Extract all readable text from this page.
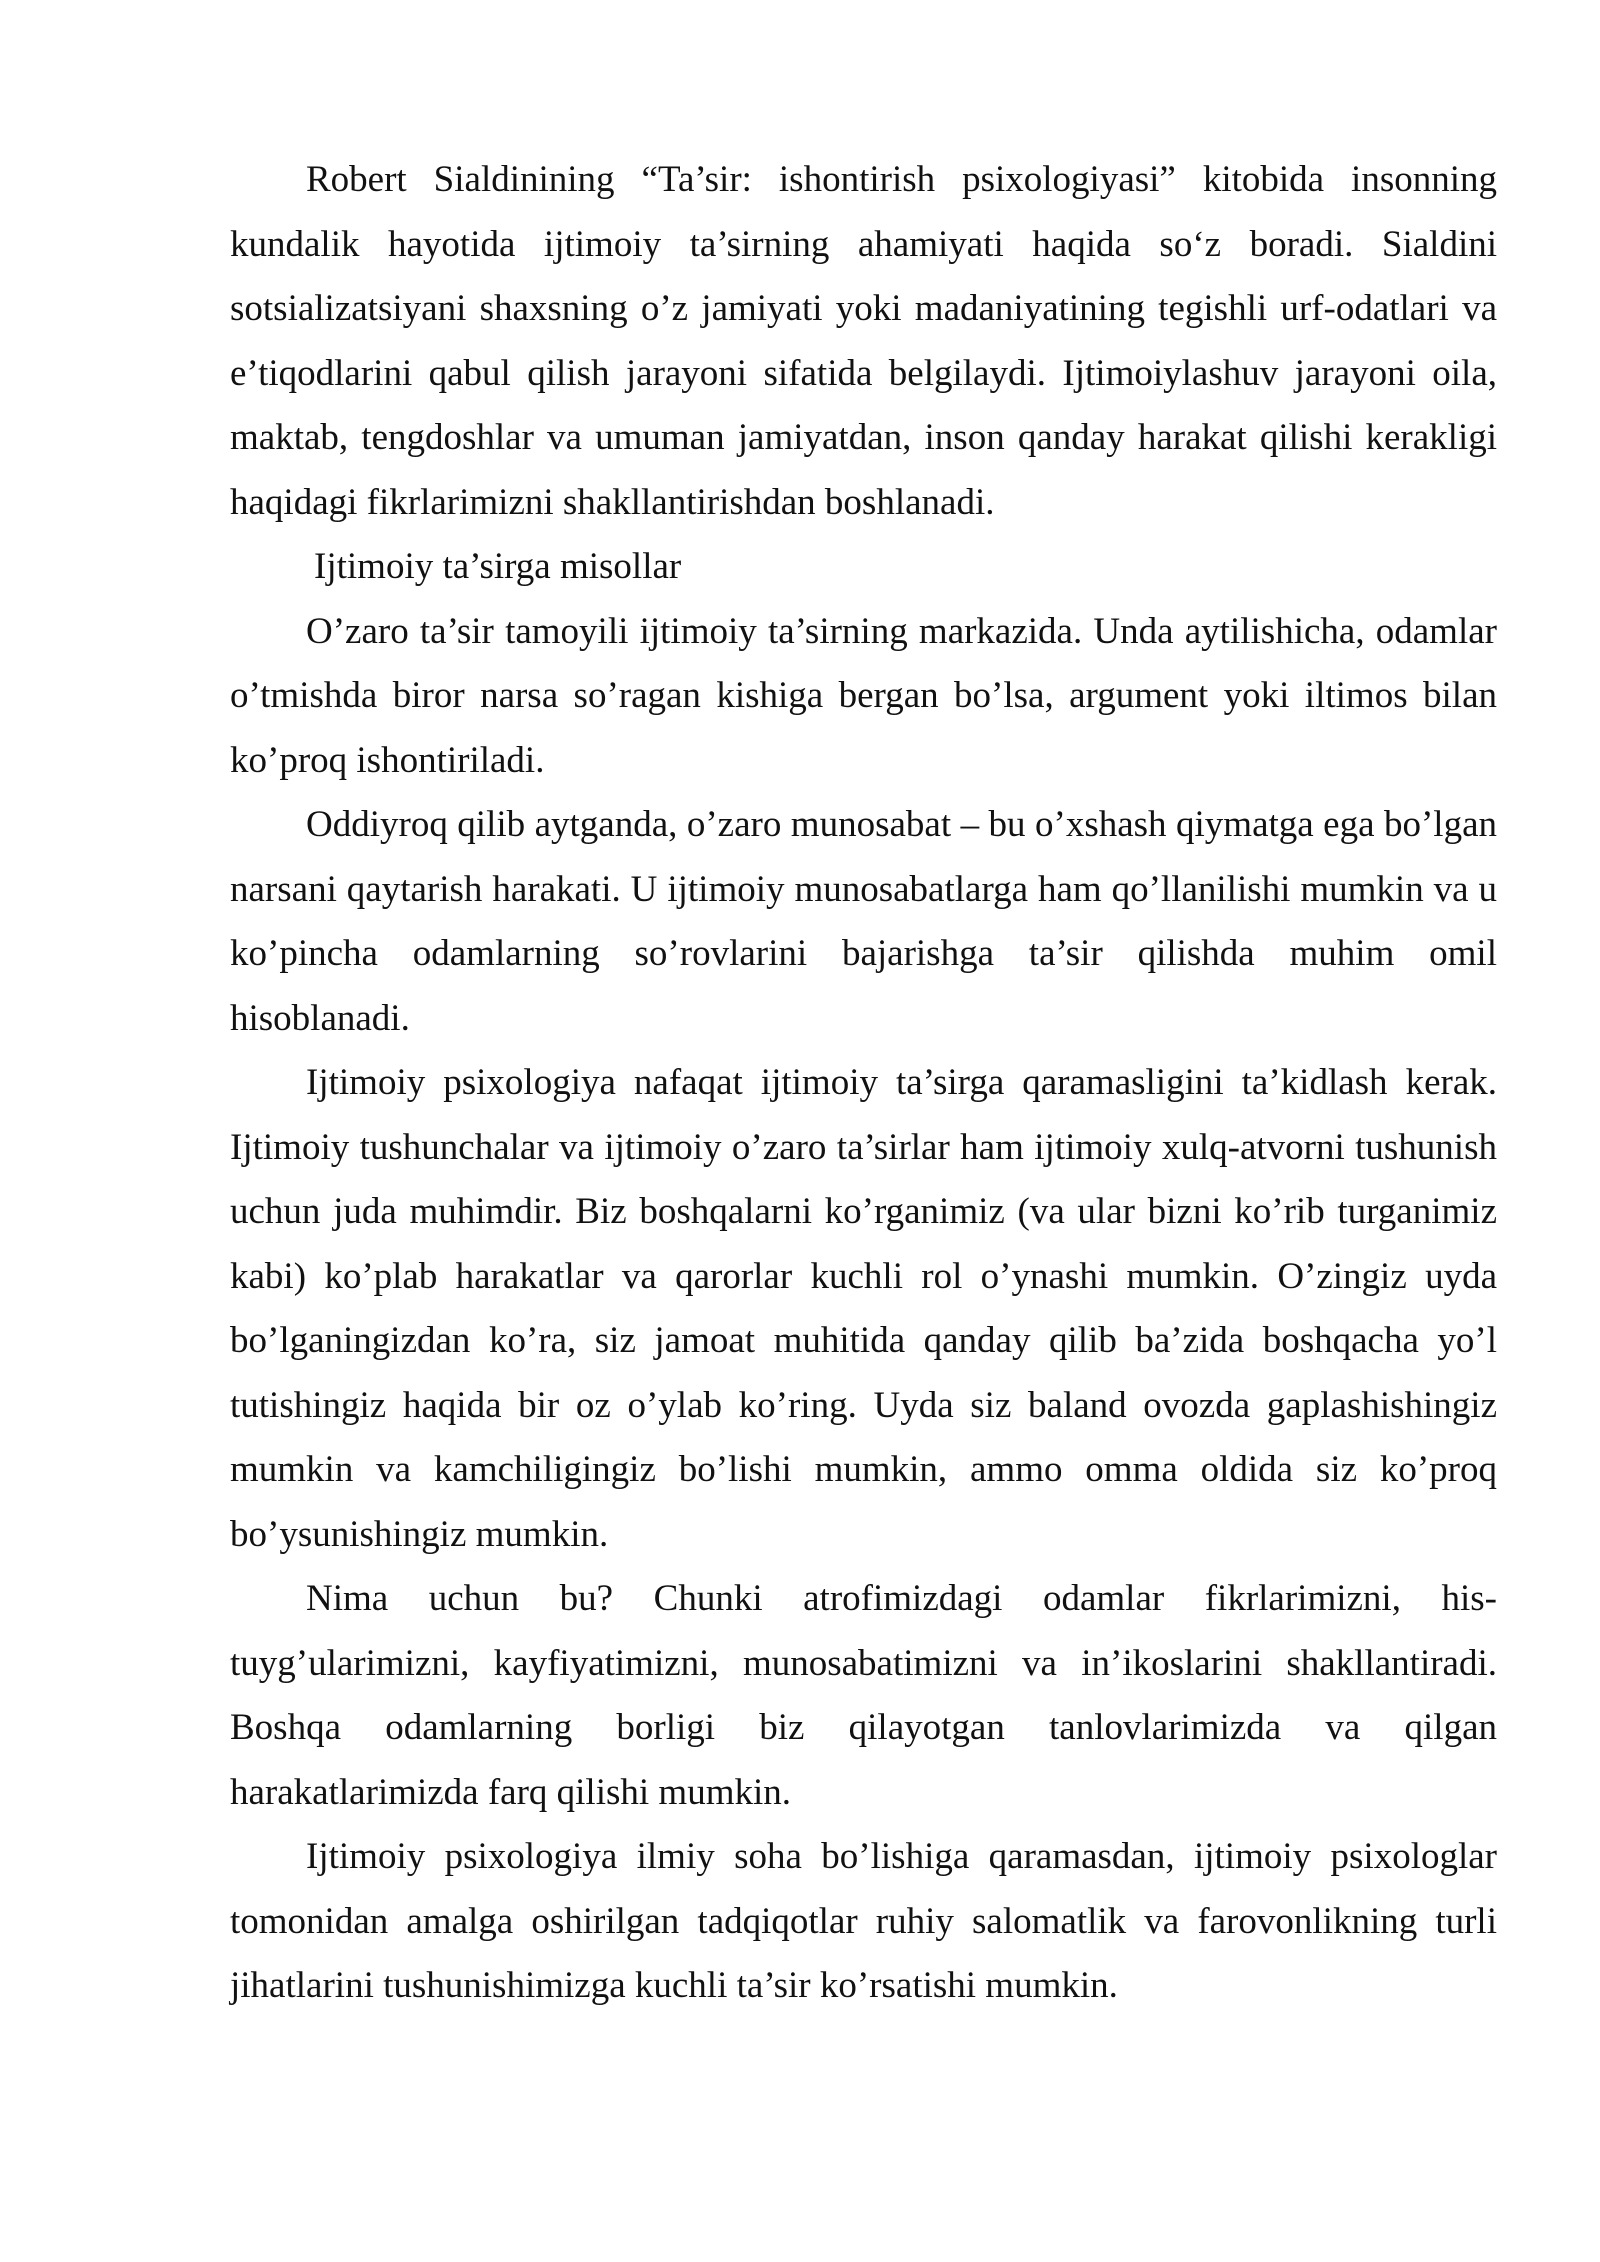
Robert Sialdinining “Ta’sir: ishontirish psixologiyasi” kitobida insonning kundalik hayotida ijtimoiy ta’sirning ahamiyati haqida so‘z boradi. Sialdini sotsializatsiyani shaxsning o’z jamiyati yoki madaniyatining tegishli urf-odatlari va e’tiqodlarini qabul qilish jarayoni sifatida belgilaydi. Ijtimoiylashuv jarayoni oila, maktab, tengdoshlar va umuman jamiyatdan, inson qanday harakat qilishi kerakligi haqidagi fikrlarimizni shakllantirishdan boshlanadi.

Ijtimoiy ta’sirga misollar

O’zaro ta’sir tamoyili ijtimoiy ta’sirning markazida. Unda aytilishicha, odamlar o’tmishda biror narsa so’ragan kishiga bergan bo’lsa, argument yoki iltimos bilan ko’proq ishontiriladi.

Oddiyroq qilib aytganda, o’zaro munosabat – bu o’xshash qiymatga ega bo’lgan narsani qaytarish harakati. U ijtimoiy munosabatlarga ham qo’llanilishi mumkin va u ko’pincha odamlarning so’rovlarini bajarishga ta’sir qilishda muhim omil hisoblanadi.

Ijtimoiy psixologiya nafaqat ijtimoiy ta’sirga qaramasligini ta’kidlash kerak. Ijtimoiy tushunchalar va ijtimoiy o’zaro ta’sirlar ham ijtimoiy xulq-atvorni tushunish uchun juda muhimdir. Biz boshqalarni ko’rganimiz (va ular bizni ko’rib turganimiz kabi) ko’plab harakatlar va qarorlar kuchli rol o’ynashi mumkin. O’zingiz uyda bo’lganingizdan ko’ra, siz jamoat muhitida qanday qilib ba’zida boshqacha yo’l tutishingiz haqida bir oz o’ylab ko’ring. Uyda siz baland ovozda gaplashishingiz mumkin va kamchiligingiz bo’lishi mumkin, ammo omma oldida siz ko’proq bo’ysunishingiz mumkin.

Nima uchun bu? Chunki atrofimizdagi odamlar fikrlarimizni, his-tuyg’ularimizni, kayfiyatimizni, munosabatimizni va in’ikoslarini shakllantiradi. Boshqa odamlarning borligi biz qilayotgan tanlovlarimizda va qilgan harakatlarimizda farq qilishi mumkin.

Ijtimoiy psixologiya ilmiy soha bo’lishiga qaramasdan, ijtimoiy psixologlar tomonidan amalga oshirilgan tadqiqotlar ruhiy salomatlik va farovonlikning turli jihatlarini tushunishimizga kuchli ta’sir ko’rsatishi mumkin.
